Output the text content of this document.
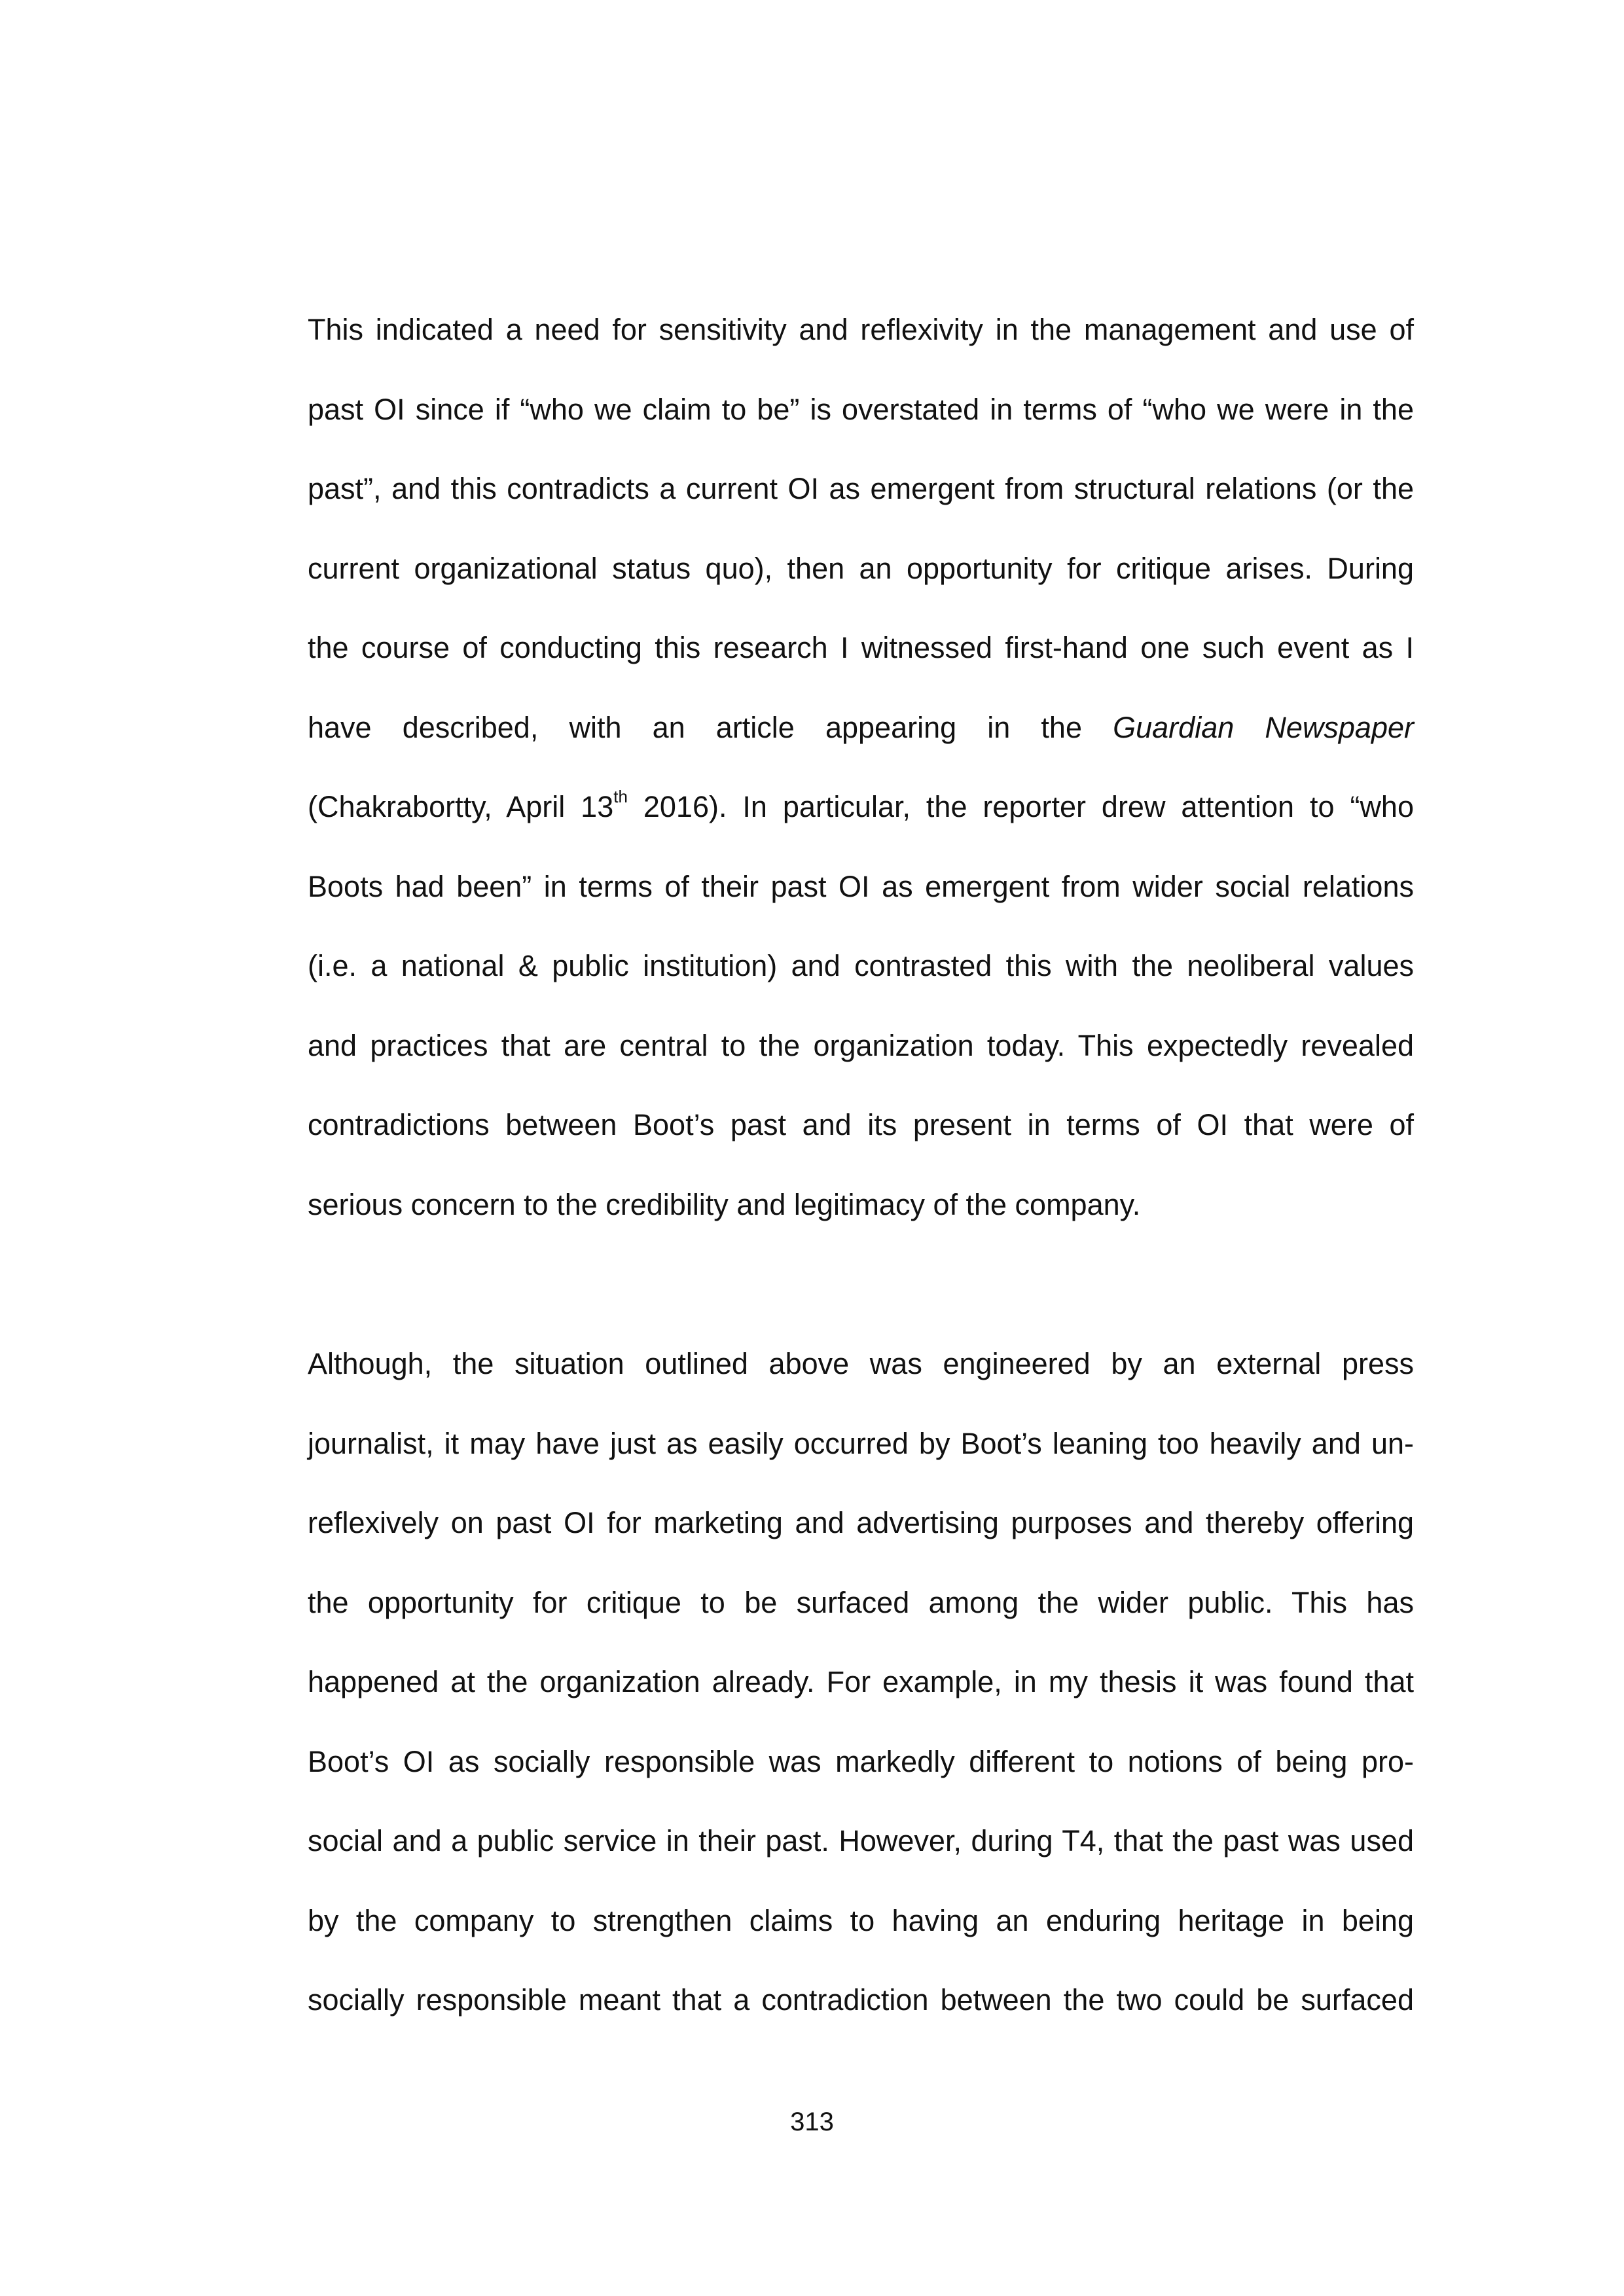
This indicated a need for sensitivity and reflexivity in the management and use of
past OI since if “who we claim to be” is overstated in terms of “who we were in the
past”, and this contradicts a current OI as emergent from structural relations (or the
current organizational status quo), then an opportunity for critique arises. During
the course of conducting this research I witnessed first-hand one such event as I
have described, with an article appearing in the Guardian Newspaper
(Chakrabortty, April 13th 2016). In particular, the reporter drew attention to “who
Boots had been” in terms of their past OI as emergent from wider social relations
(i.e. a national & public institution) and contrasted this with the neoliberal values
and practices that are central to the organization today. This expectedly revealed
contradictions between Boot’s past and its present in terms of OI that were of
serious concern to the credibility and legitimacy of the company.
Although, the situation outlined above was engineered by an external press
journalist, it may have just as easily occurred by Boot’s leaning too heavily and un-
reflexively on past OI for marketing and advertising purposes and thereby offering
the opportunity for critique to be surfaced among the wider public. This has
happened at the organization already. For example, in my thesis it was found that
Boot’s OI as socially responsible was markedly different to notions of being pro-
social and a public service in their past. However, during T4, that the past was used
by the company to strengthen claims to having an enduring heritage in being
socially responsible meant that a contradiction between the two could be surfaced
313
